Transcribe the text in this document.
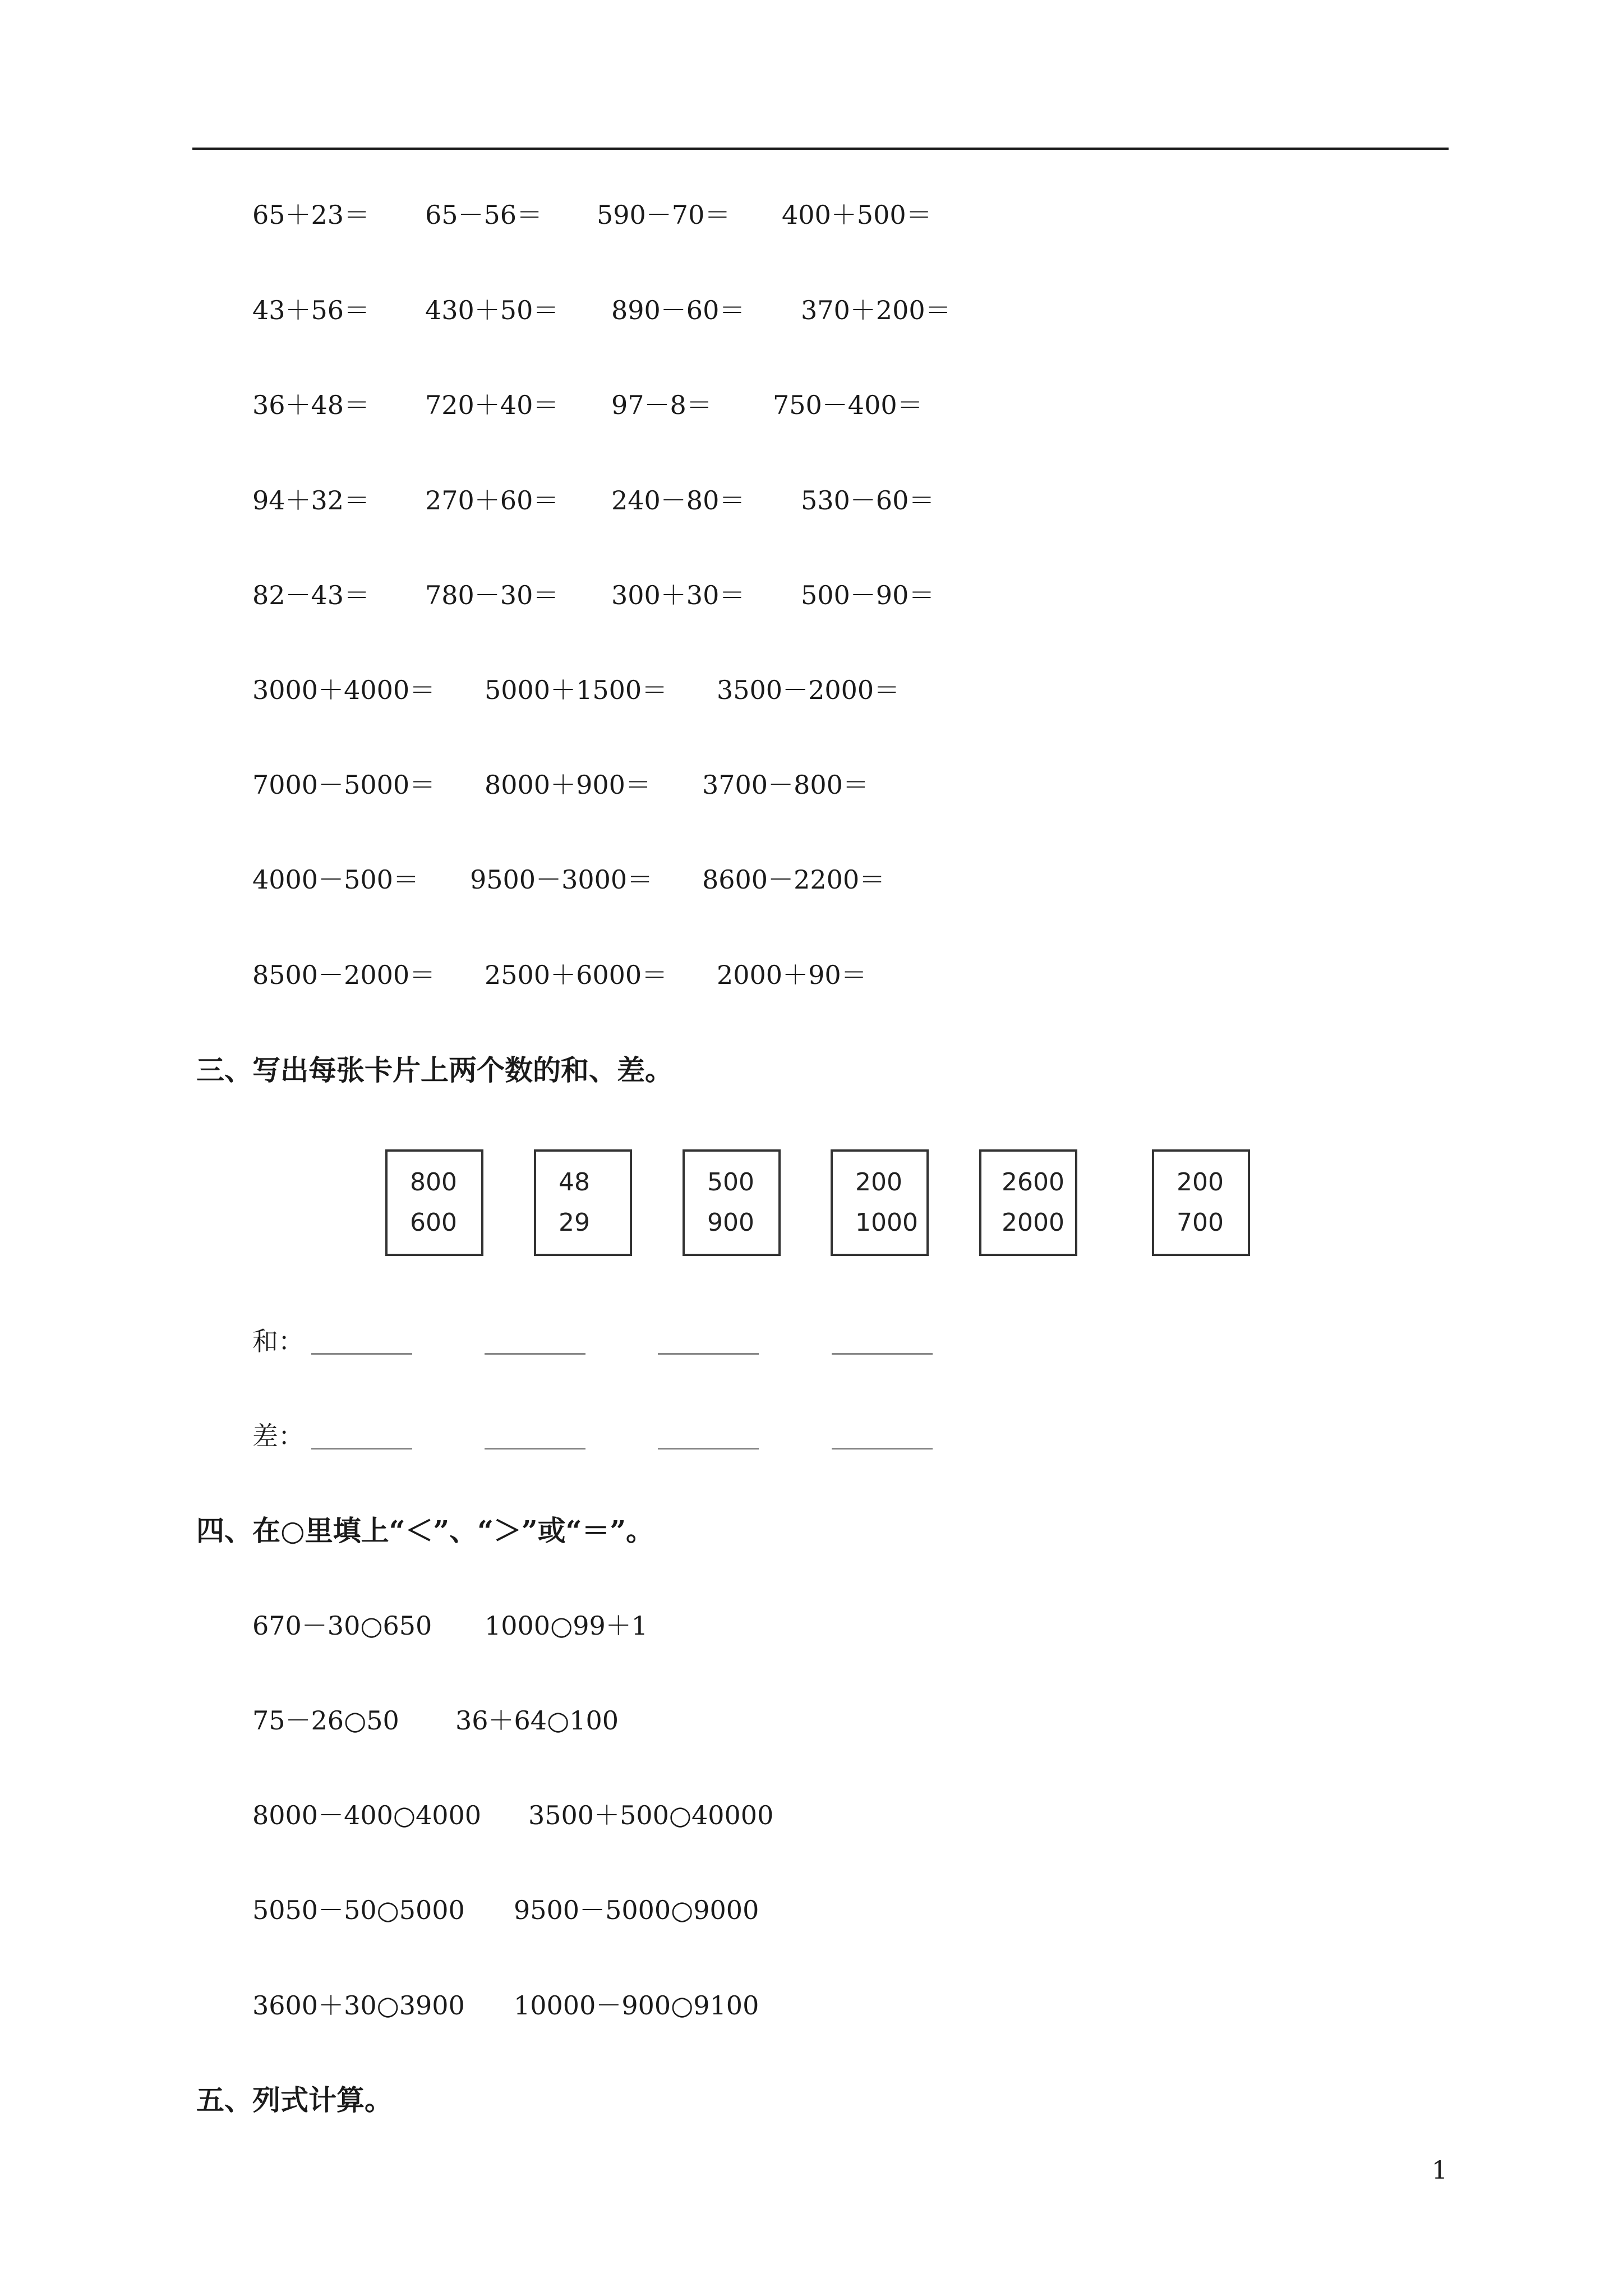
65＋23＝ 65－56＝ 590－70＝ 400＋500＝
43＋56＝ 430＋50＝ 890－60＝ 370＋200＝
36＋48＝ 720＋40＝ 97－8＝ 750－400＝
94＋32＝ 270＋60＝ 240－80＝ 530－60＝
82－43＝ 780－30＝ 300＋30＝ 500－90＝
3000＋4000＝ 5000＋1500＝ 3500－2000＝
7000－5000＝ 8000＋900＝ 3700－800＝
4000－500＝ 9500－3000＝ 8600－2200＝
8500－2000＝ 2500＋6000＝ 2000＋90＝
三、写出每张卡片上两个数的和、差。
800
600
48
29
500
900
200
1000
2600
2000
200
700
和：
差：
四、在○里填上“＜”、“＞”或“＝”。
670－30○650 1000○99＋1
75－26○50 36＋64○100
8000－400○4000 3500＋500○40000
5050－50○5000 9500－5000○9000
3600＋30○3900 10000－900○9100
五、列式计算。
1
